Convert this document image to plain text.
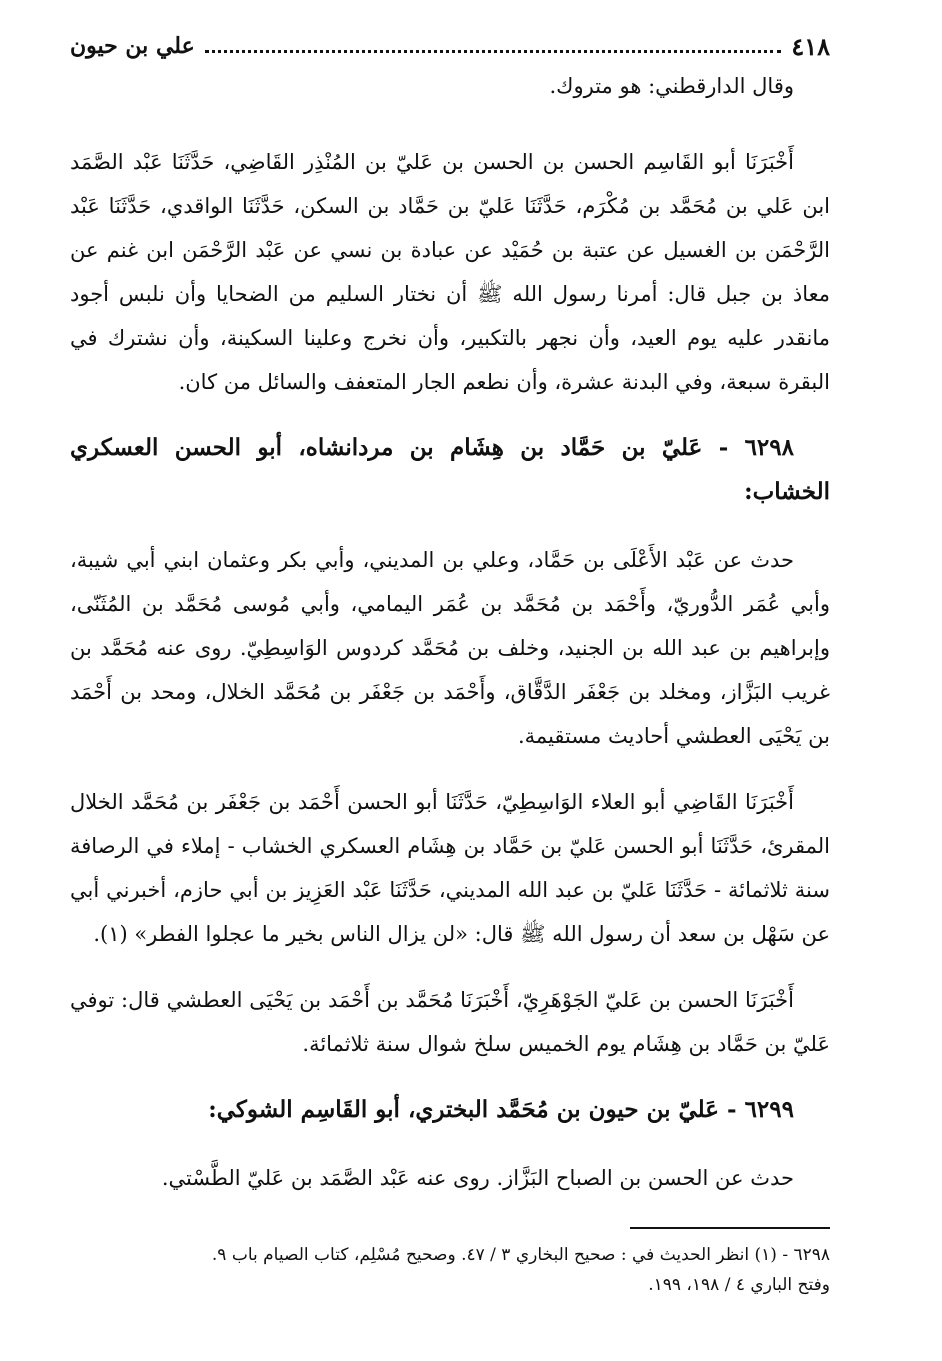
٤١٨
علي بن حيون

وقال الدارقطني: هو متروك.

أَخْبَرَنَا أبو القَاسِم الحسن بن الحسن بن عَليّ بن المُنْذِر القَاضِي، حَدَّثَنَا عَبْد الصَّمَد ابن عَلي بن مُحَمَّد بن مُكْرَم، حَدَّثَنَا عَليّ بن حَمَّاد بن السكن، حَدَّثَنَا الواقدي، حَدَّثَنَا عَبْد الرَّحْمَن بن الغسيل عن عتبة بن حُمَيْد عن عبادة بن نسي عن عَبْد الرَّحْمَن ابن غنم عن معاذ بن جبل قال: أمرنا رسول الله ﷺ أن نختار السليم من الضحايا وأن نلبس أجود مانقدر عليه يوم العيد، وأن نجهر بالتكبير، وأن نخرج وعلينا السكينة، وأن نشترك في البقرة سبعة، وفي البدنة عشرة، وأن نطعم الجار المتعفف والسائل من كان.

٦٢٩٨ - عَليّ بن حَمَّاد بن هِشَام بن مردانشاه، أبو الحسن العسكري الخشاب:

حدث عن عَبْد الأَعْلَى بن حَمَّاد، وعلي بن المديني، وأبي بكر وعثمان ابني أبي شيبة، وأبي عُمَر الدُّوريّ، وأَحْمَد بن مُحَمَّد بن عُمَر اليمامي، وأبي مُوسى مُحَمَّد بن المُثَنّى، وإبراهيم بن عبد الله بن الجنيد، وخلف بن مُحَمَّد كردوس الوَاسِطِيّ. روى عنه مُحَمَّد بن غريب البَزَّاز، ومخلد بن جَعْفَر الدَّقَّاق، وأَحْمَد بن جَعْفَر بن مُحَمَّد الخلال، ومحد بن أَحْمَد بن يَحْيَى العطشي أحاديث مستقيمة.

أَخْبَرَنَا القَاضِي أبو العلاء الوَاسِطِيّ، حَدَّثَنَا أبو الحسن أَحْمَد بن جَعْفَر بن مُحَمَّد الخلال المقرئ، حَدَّثَنَا أبو الحسن عَليّ بن حَمَّاد بن هِشَام العسكري الخشاب - إملاء في الرصافة سنة ثلاثمائة - حَدَّثَنَا عَليّ بن عبد الله المديني، حَدَّثَنَا عَبْد العَزِيز بن أبي حازم، أخبرني أبي عن سَهْل بن سعد أن رسول الله ﷺ قال: «لن يزال الناس بخير ما عجلوا الفطر» (١).

أَخْبَرَنَا الحسن بن عَليّ الجَوْهَرِيّ، أَخْبَرَنَا مُحَمَّد بن أَحْمَد بن يَحْيَى العطشي قال: توفي عَليّ بن حَمَّاد بن هِشَام يوم الخميس سلخ شوال سنة ثلاثمائة.

٦٢٩٩ - عَليّ بن حيون بن مُحَمَّد البختري، أبو القَاسِم الشوكي:

حدث عن الحسن بن الصباح البَزَّاز. روى عنه عَبْد الصَّمَد بن عَليّ الطَّسْتي.

٦٢٩٨ - (١) انظر الحديث في : صحيح البخاري ٣ / ٤٧. وصحيح مُسْلِم، كتاب الصيام باب ٩.
وفتح الباري ٤ / ١٩٨، ١٩٩.
